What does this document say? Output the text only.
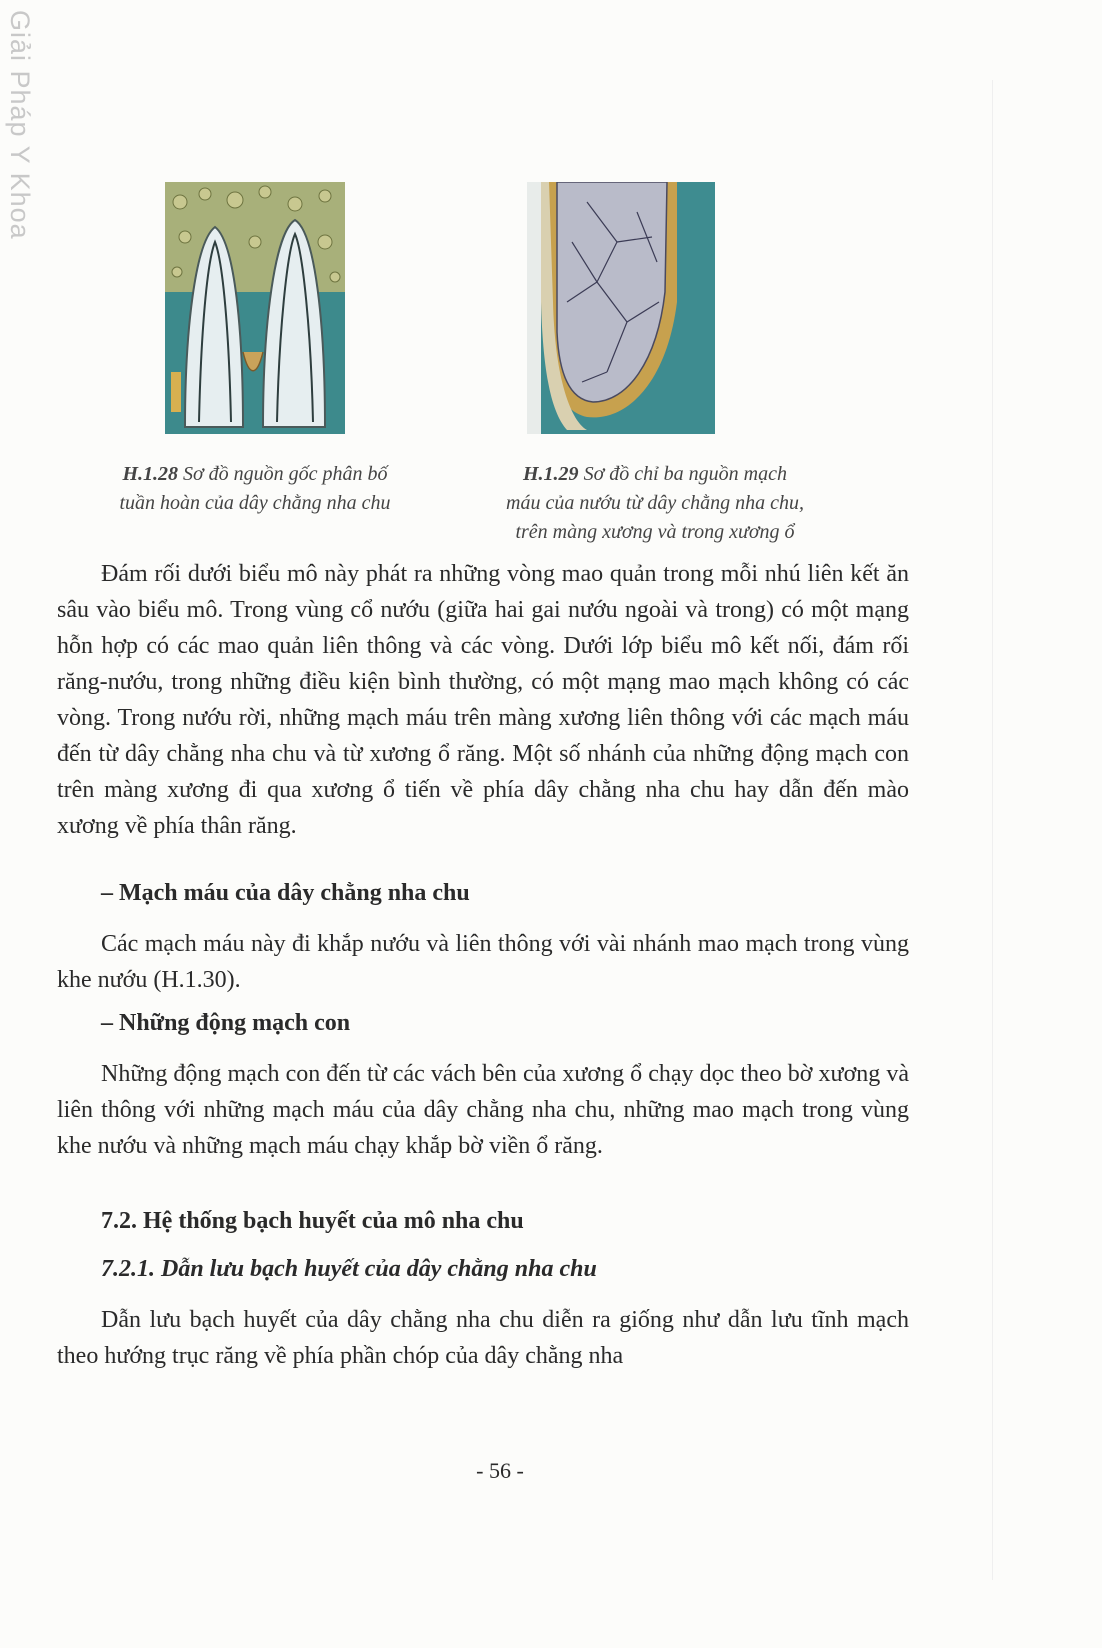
Giải Pháp Y Khoa
H.1.28 Sơ đồ nguồn gốc phân bố
tuần hoàn của dây chằng nha chu
H.1.29 Sơ đồ chỉ ba nguồn mạch
máu của nướu từ dây chằng nha chu,
trên màng xương và trong xương ổ

Đám rối dưới biểu mô này phát ra những vòng mao quản trong mỗi nhú liên kết ăn sâu vào biểu mô. Trong vùng cổ nướu (giữa hai gai nướu ngoài và trong) có một mạng hỗn hợp có các mao quản liên thông và các vòng. Dưới lớp biểu mô kết nối, đám rối răng-nướu, trong những điều kiện bình thường, có một mạng mao mạch không có các vòng. Trong nướu rời, những mạch máu trên màng xương liên thông với các mạch máu đến từ dây chằng nha chu và từ xương ổ răng. Một số nhánh của những động mạch con trên màng xương đi qua xương ổ tiến về phía dây chằng nha chu hay dẫn đến mào xương về phía thân răng.

– Mạch máu của dây chằng nha chu

Các mạch máu này đi khắp nướu và liên thông với vài nhánh mao mạch trong vùng khe nướu (H.1.30).

– Những động mạch con

Những động mạch con đến từ các vách bên của xương ổ chạy dọc theo bờ xương và liên thông với những mạch máu của dây chằng nha chu, những mao mạch trong vùng khe nướu và những mạch máu chạy khắp bờ viền ổ răng.

7.2. Hệ thống bạch huyết của mô nha chu
7.2.1. Dẫn lưu bạch huyết của dây chằng nha chu

Dẫn lưu bạch huyết của dây chằng nha chu diễn ra giống như dẫn lưu tĩnh mạch theo hướng trục răng về phía phần chóp của dây chằng nha

- 56 -
